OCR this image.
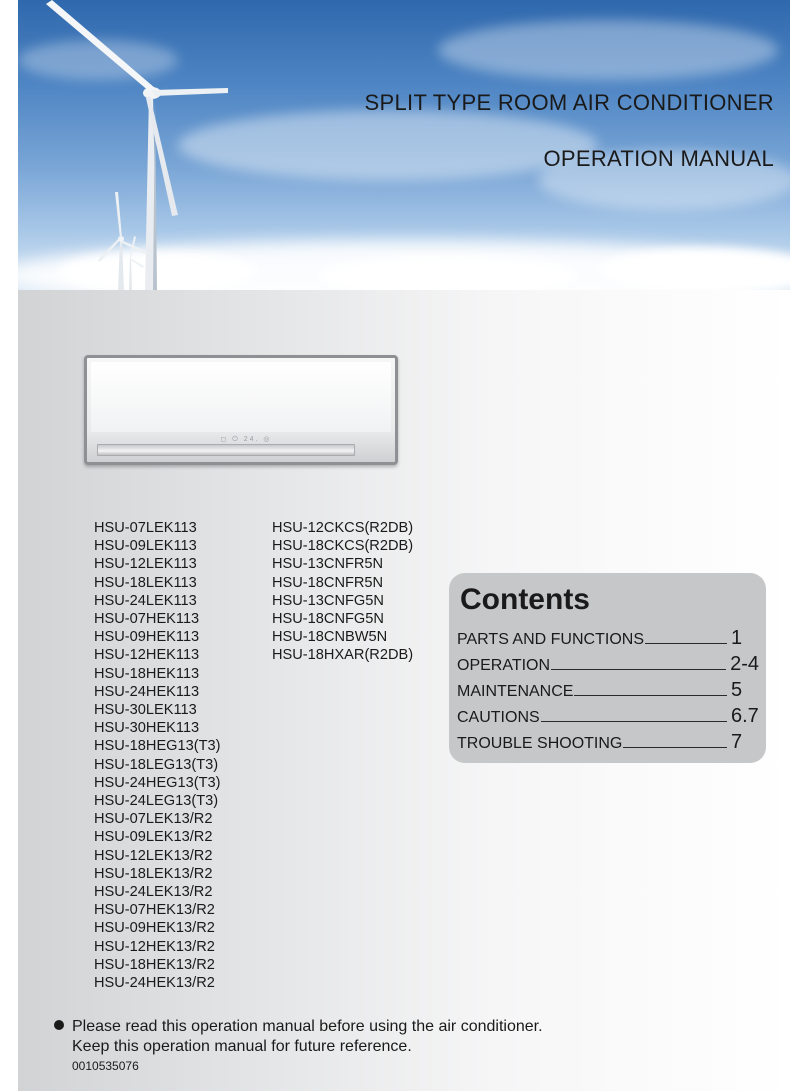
SPLIT TYPE ROOM AIR CONDITIONER
OPERATION MANUAL
◻ ⏻ 24. ◎
HSU-07LEK113
HSU-09LEK113
HSU-12LEK113
HSU-18LEK113
HSU-24LEK113
HSU-07HEK113
HSU-09HEK113
HSU-12HEK113
HSU-18HEK113
HSU-24HEK113
HSU-30LEK113
HSU-30HEK113
HSU-18HEG13(T3)
HSU-18LEG13(T3)
HSU-24HEG13(T3)
HSU-24LEG13(T3)
HSU-07LEK13/R2
HSU-09LEK13/R2
HSU-12LEK13/R2
HSU-18LEK13/R2
HSU-24LEK13/R2
HSU-07HEK13/R2
HSU-09HEK13/R2
HSU-12HEK13/R2
HSU-18HEK13/R2
HSU-24HEK13/R2
HSU-12CKCS(R2DB)
HSU-18CKCS(R2DB)
HSU-13CNFR5N
HSU-18CNFR5N
HSU-13CNFG5N
HSU-18CNFG5N
HSU-18CNBW5N
HSU-18HXAR(R2DB)
Contents
PARTS AND FUNCTIONS	1
OPERATION	2-4
MAINTENANCE	5
CAUTIONS	6.7
TROUBLE SHOOTING	7
Please read this operation manual before using the air conditioner.
Keep this operation manual for future reference.
0010535076
